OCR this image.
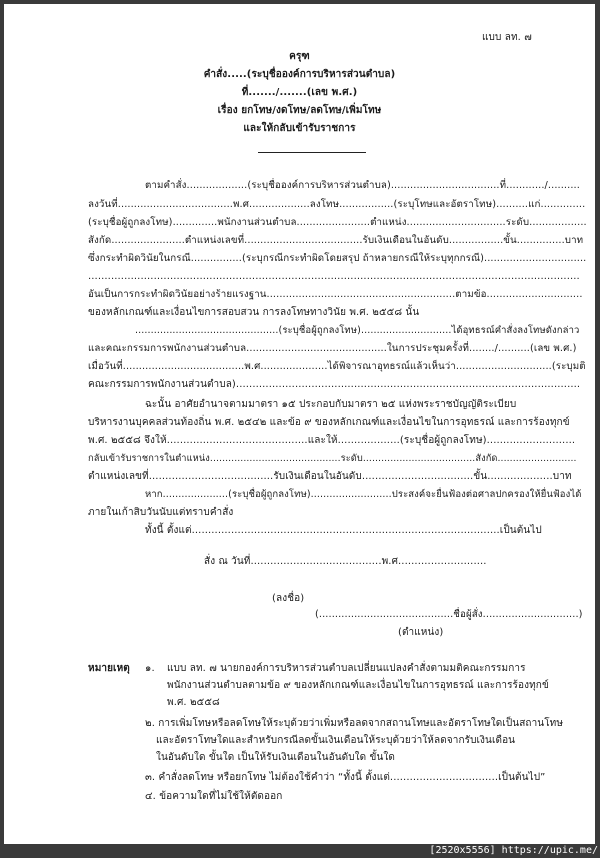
แบบ ลท. ๗
ครุฑ
คำสั่ง.....(ระบุชื่อองค์การบริหารส่วนตำบล)
ที่......./.......(เลข พ.ศ.)
เรื่อง ยกโทษ/งดโทษ/ลดโทษ/เพิ่มโทษ
และให้กลับเข้ารับราชการ
ตามคำสั่ง...................(ระบุชื่อองค์การบริหารส่วนตำบล)..................................ที่............/..........
ลงวันที่....................................พ.ศ...................ลงโทษ.................(ระบุโทษและอัตราโทษ)..........แก่..............
(ระบุชื่อผู้ถูกลงโทษ)..............พนักงานส่วนตำบล.......................ตำแหน่ง...............................ระดับ..................
สังกัด.......................ตำแหน่งเลขที่.....................................รับเงินเดือนในอันดับ.................ขั้น...............บาท
ซึ่งกระทำผิดวินัยในกรณี................(ระบุกรณีกระทำผิดโดยสรุป ถ้าหลายกรณีให้ระบุทุกกรณี)................................
......................................................................................................................................................
อันเป็นการกระทำผิดวินัยอย่างร้ายแรงฐาน...........................................................ตามข้อ..............................
ของหลักเกณฑ์และเงื่อนไขการสอบสวน การลงโทษทางวินัย พ.ศ. ๒๕๕๘ นั้น
..............................................(ระบุชื่อผู้ถูกลงโทษ).............................ได้อุทธรณ์คำสั่งลงโทษดังกล่าว
และคณะกรรมการพนักงานส่วนตำบล............................................ในการประชุมครั้งที่......../..........(เลข พ.ศ.)
เมื่อวันที่......................................พ.ศ.....................ได้พิจารณาอุทธรณ์แล้วเห็นว่า..............................(ระบุมติ
คณะกรรมการพนักงานส่วนตำบล).........................................................................................................
ฉะนั้น อาศัยอำนาจตามมาตรา ๑๕ ประกอบกับมาตรา ๒๕ แห่งพระราชบัญญัติระเบียบ
บริหารงานบุคคลส่วนท้องถิ่น พ.ศ. ๒๕๔๒ และข้อ ๙ ของหลักเกณฑ์และเงื่อนไขในการอุทธรณ์ และการร้องทุกข์
พ.ศ. ๒๕๕๘ จึงให้...........................................และให้...................(ระบุชื่อผู้ถูกลงโทษ)...........................
กลับเข้ารับราชการในตำแหน่ง...........................................ระดับ.....................................สังกัด..........................
ตำแหน่งเลขที่......................................รับเงินเดือนในอันดับ..................................ขั้น....................บาท
หาก.....................(ระบุชื่อผู้ถูกลงโทษ)..........................ประสงค์จะยื่นฟ้องต่อศาลปกครองให้ยื่นฟ้องได้
ภายในเก้าสิบวันนับแต่ทราบคำสั่ง
ทั้งนี้ ตั้งแต่..............................................................................................เป็นต้นไป
สั่ง ณ วันที่........................................พ.ศ...........................
(ลงชื่อ)
(..........................................ชื่อผู้สั่ง..............................)
(ตำแหน่ง)
หมายเหตุ ๑. แบบ ลท. ๗ นายกองค์การบริหารส่วนตำบลเปลี่ยนแปลงคำสั่งตามมติคณะกรรมการ
พนักงานส่วนตำบลตามข้อ ๙ ของหลักเกณฑ์และเงื่อนไขในการอุทธรณ์ และการร้องทุกข์
พ.ศ. ๒๕๕๘
๒. การเพิ่มโทษหรือลดโทษให้ระบุด้วยว่าเพิ่มหรือลดจากสถานโทษและอัตราโทษใดเป็นสถานโทษ
และอัตราโทษใดและสำหรับกรณีลดขั้นเงินเดือนให้ระบุด้วยว่าให้ลดจากรับเงินเดือน
ในอันดับใด ขั้นใด เป็นให้รับเงินเดือนในอันดับใด ขั้นใด
๓. คำสั่งลดโทษ หรือยกโทษ ไม่ต้องใช้คำว่า “ทั้งนี้ ตั้งแต่.................................เป็นต้นไป”
๔. ข้อความใดที่ไม่ใช้ให้ตัดออก
[2520x5556] https://upic.me/
